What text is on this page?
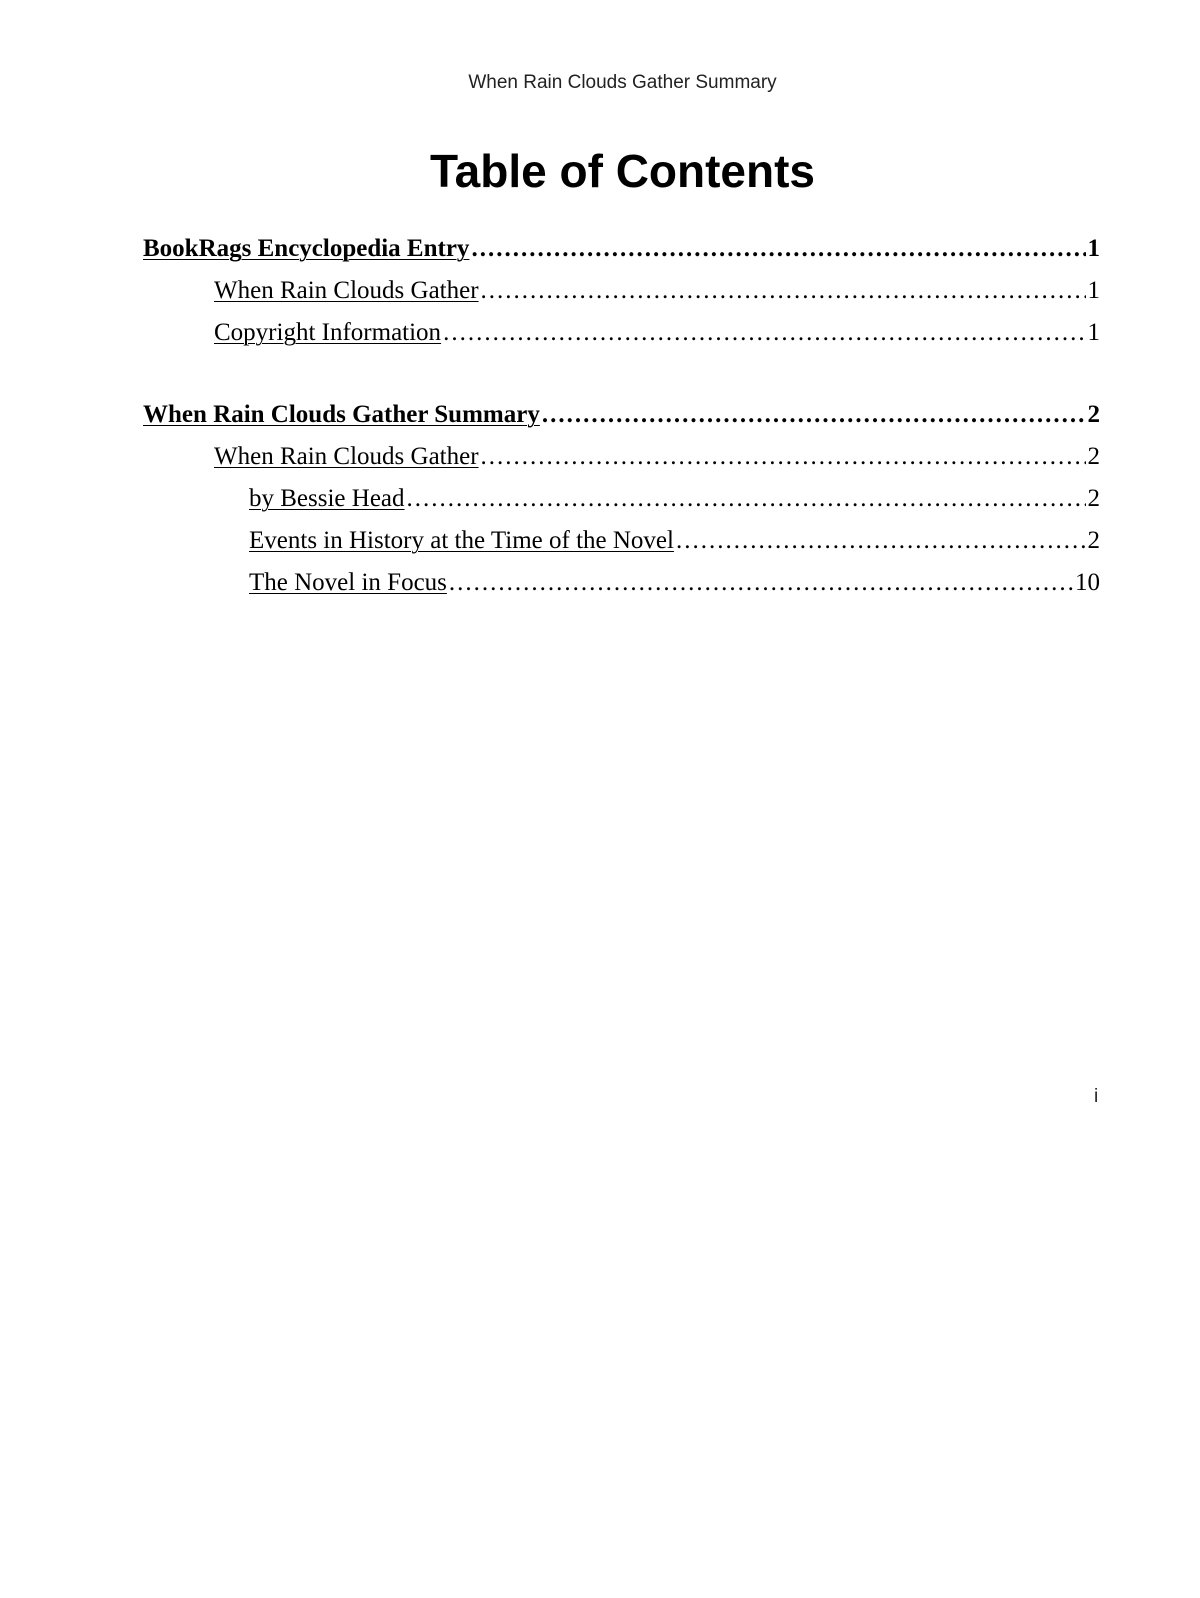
When Rain Clouds Gather Summary
Table of Contents
BookRags Encyclopedia Entry .....	1
When Rain Clouds Gather .....	1
Copyright Information .....	1
When Rain Clouds Gather Summary .....	2
When Rain Clouds Gather .....	2
by Bessie Head .....	2
Events in History at the Time of the Novel .....	2
The Novel in Focus .....	10
i
